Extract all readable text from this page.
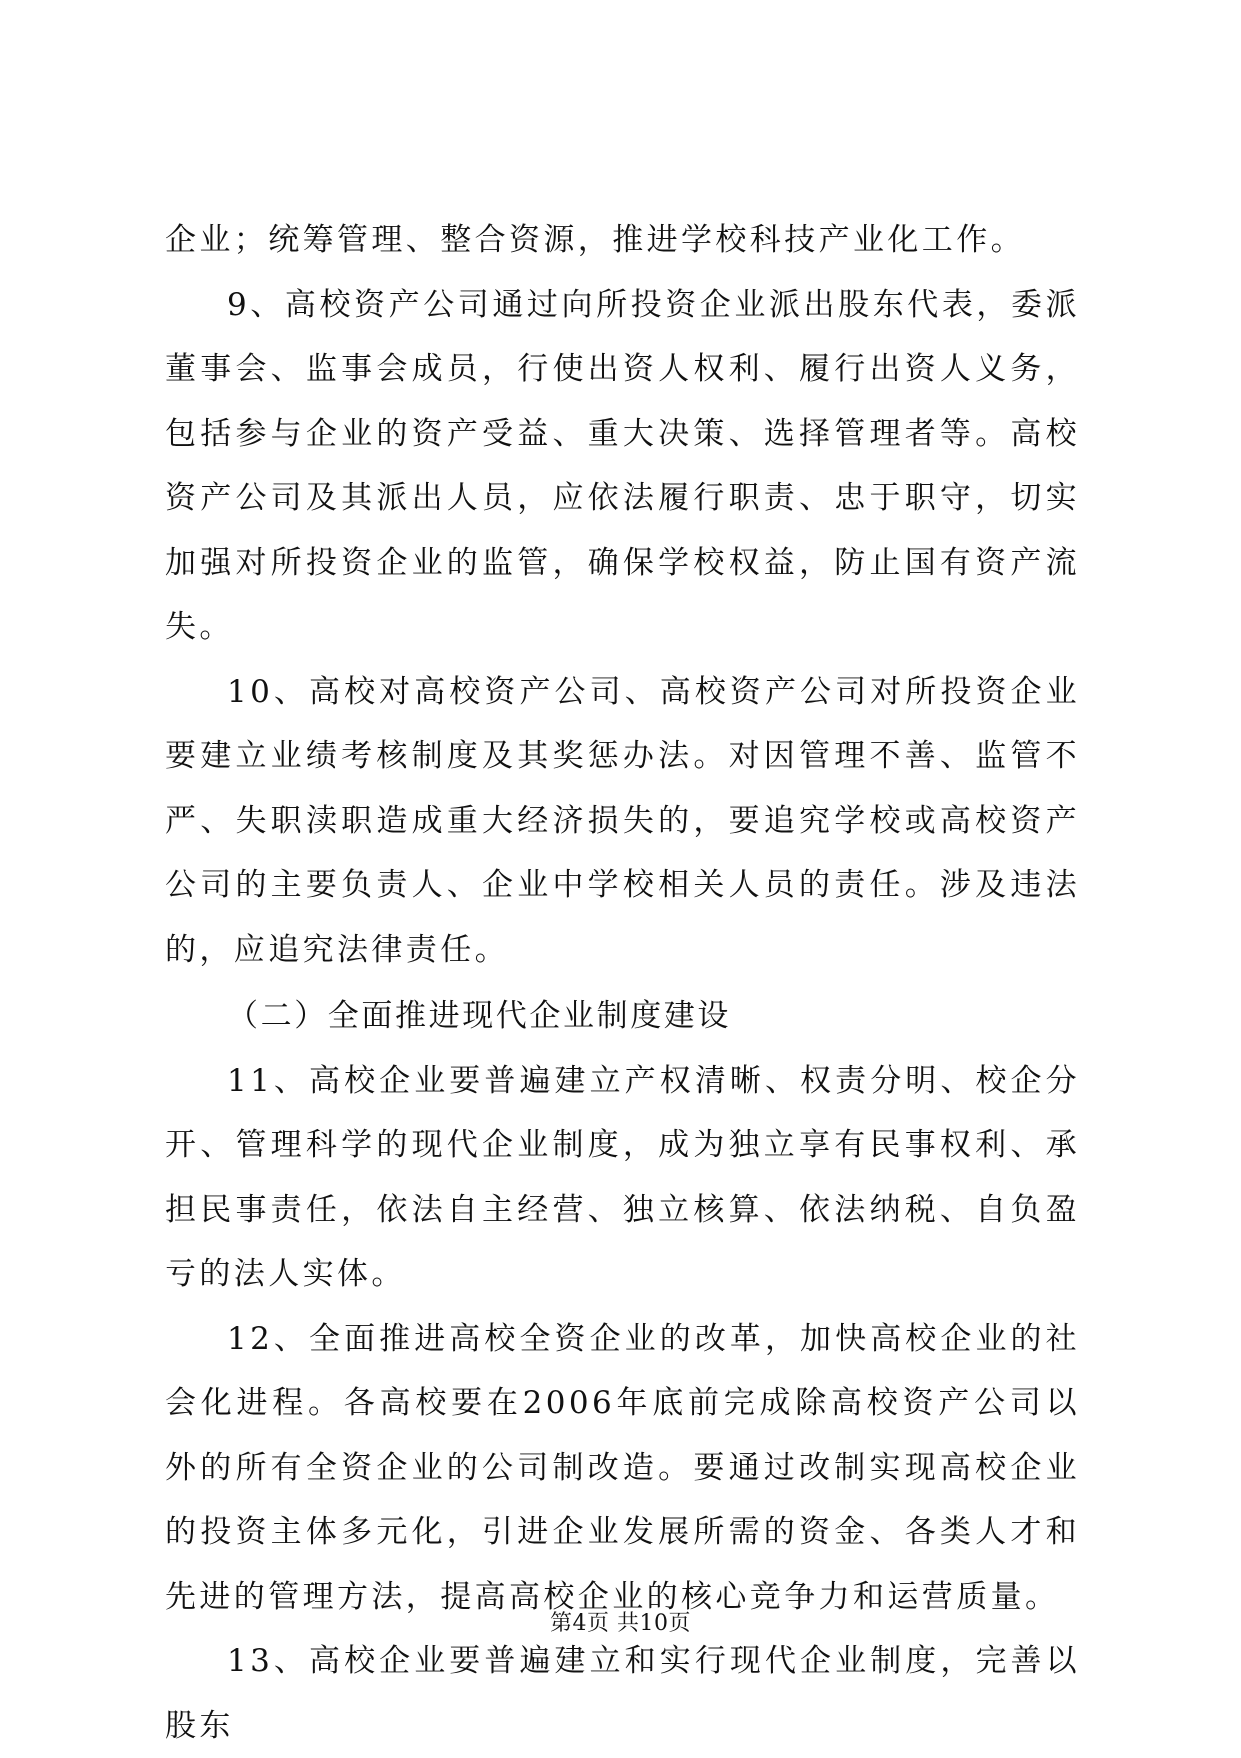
企业；统筹管理、整合资源，推进学校科技产业化工作。

9、高校资产公司通过向所投资企业派出股东代表，委派董事会、监事会成员，行使出资人权利、履行出资人义务，包括参与企业的资产受益、重大决策、选择管理者等。高校资产公司及其派出人员，应依法履行职责、忠于职守，切实加强对所投资企业的监管，确保学校权益，防止国有资产流失。

10、高校对高校资产公司、高校资产公司对所投资企业要建立业绩考核制度及其奖惩办法。对因管理不善、监管不严、失职渎职造成重大经济损失的，要追究学校或高校资产公司的主要负责人、企业中学校相关人员的责任。涉及违法的，应追究法律责任。

（二）全面推进现代企业制度建设

11、高校企业要普遍建立产权清晰、权责分明、校企分开、管理科学的现代企业制度，成为独立享有民事权利、承担民事责任，依法自主经营、独立核算、依法纳税、自负盈亏的法人实体。

12、全面推进高校全资企业的改革，加快高校企业的社会化进程。各高校要在2006年底前完成除高校资产公司以外的所有全资企业的公司制改造。要通过改制实现高校企业的投资主体多元化，引进企业发展所需的资金、各类人才和先进的管理方法，提高高校企业的核心竞争力和运营质量。

13、高校企业要普遍建立和实行现代企业制度，完善以股东

第4页 共10页
